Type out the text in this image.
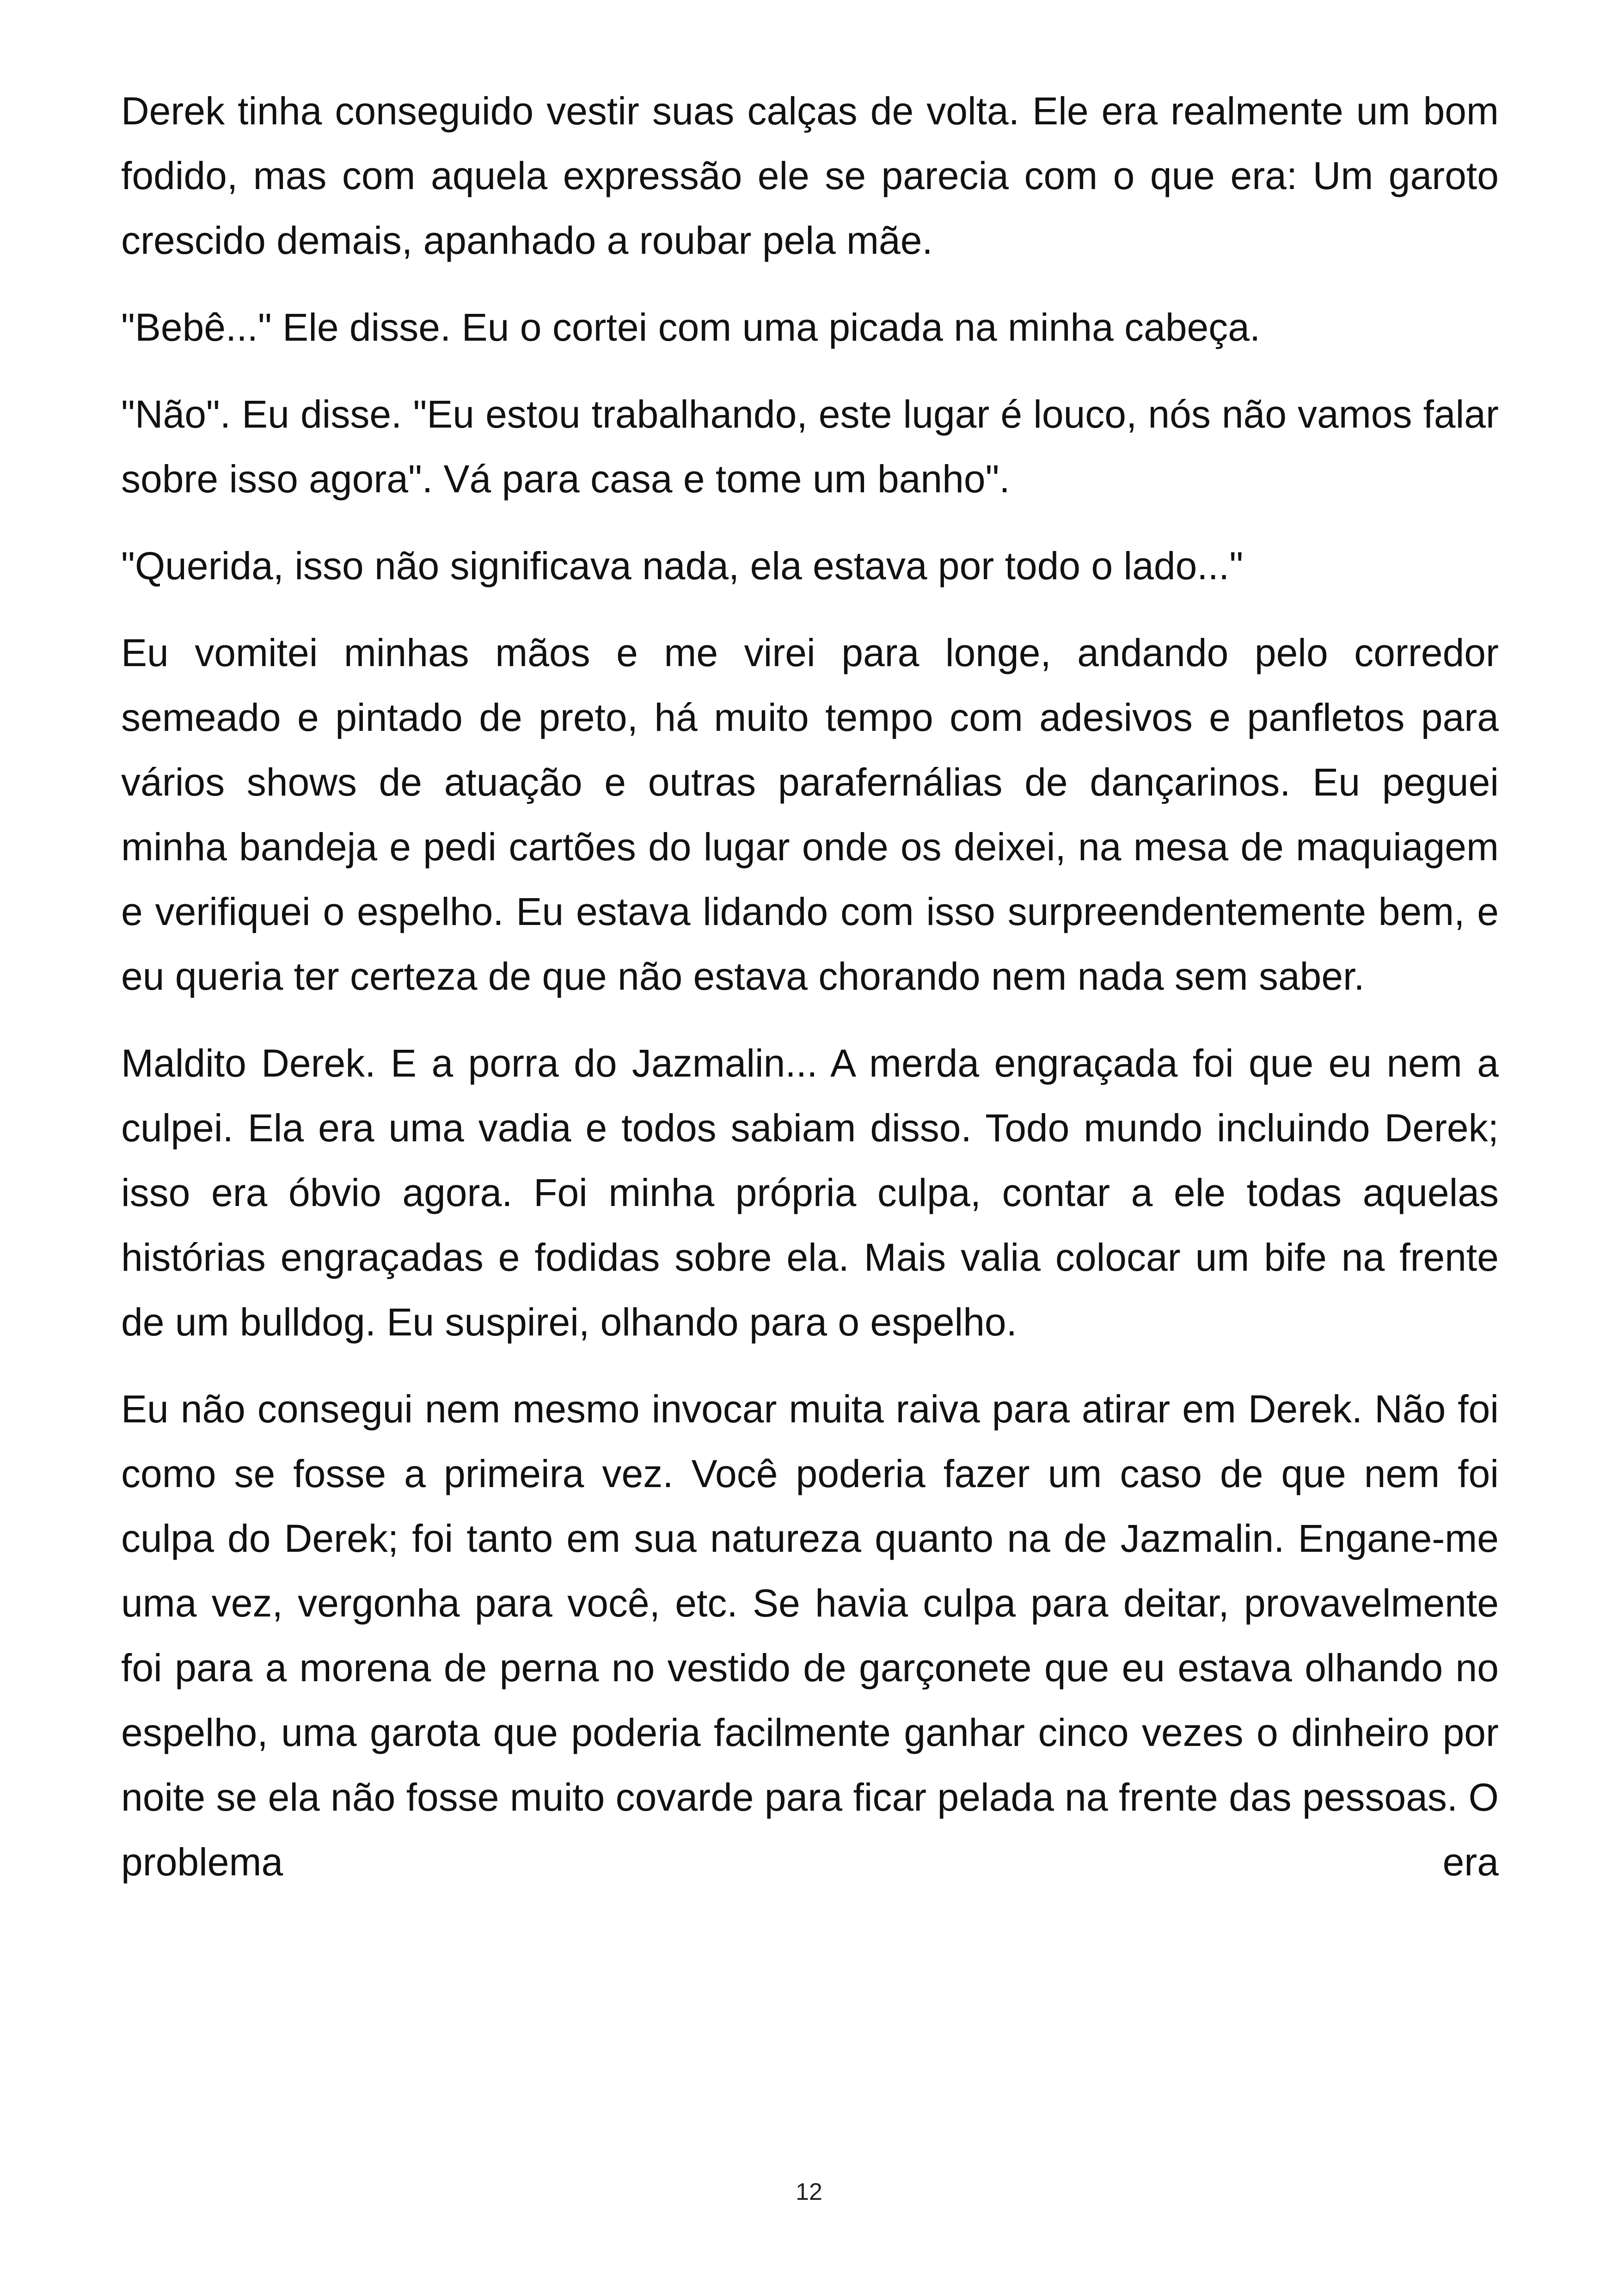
Derek tinha conseguido vestir suas calças de volta. Ele era realmente um bom fodido, mas com aquela expressão ele se parecia com o que era: Um garoto crescido demais, apanhado a roubar pela mãe.

"Bebê..." Ele disse. Eu o cortei com uma picada na minha cabeça.

"Não". Eu disse. "Eu estou trabalhando, este lugar é louco, nós não vamos falar sobre isso agora". Vá para casa e tome um banho".

"Querida, isso não significava nada, ela estava por todo o lado..."

Eu vomitei minhas mãos e me virei para longe, andando pelo corredor semeado e pintado de preto, há muito tempo com adesivos e panfletos para vários shows de atuação e outras parafernálias de dançarinos. Eu peguei minha bandeja e pedi cartões do lugar onde os deixei, na mesa de maquiagem e verifiquei o espelho. Eu estava lidando com isso surpreendentemente bem, e eu queria ter certeza de que não estava chorando nem nada sem saber.

Maldito Derek. E a porra do Jazmalin... A merda engraçada foi que eu nem a culpei. Ela era uma vadia e todos sabiam disso. Todo mundo incluindo Derek; isso era óbvio agora. Foi minha própria culpa, contar a ele todas aquelas histórias engraçadas e fodidas sobre ela. Mais valia colocar um bife na frente de um bulldog. Eu suspirei, olhando para o espelho.

Eu não consegui nem mesmo invocar muita raiva para atirar em Derek. Não foi como se fosse a primeira vez. Você poderia fazer um caso de que nem foi culpa do Derek; foi tanto em sua natureza quanto na de Jazmalin. Engane-me uma vez, vergonha para você, etc. Se havia culpa para deitar, provavelmente foi para a morena de perna no vestido de garçonete que eu estava olhando no espelho, uma garota que poderia facilmente ganhar cinco vezes o dinheiro por noite se ela não fosse muito covarde para ficar pelada na frente das pessoas. O problema era

12
